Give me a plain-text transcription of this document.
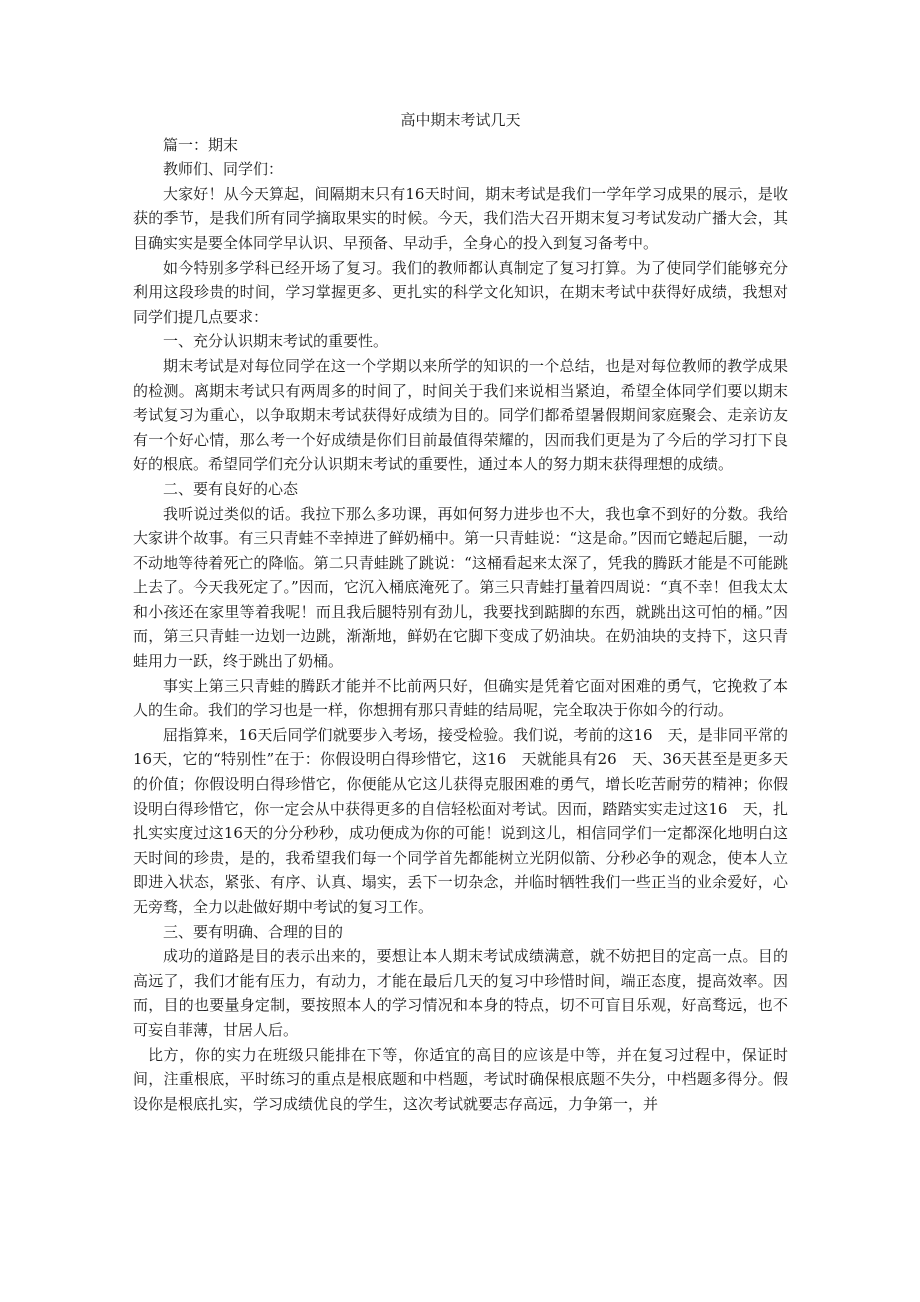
高中期末考试几天

篇一：期末

教师们、同学们：

大家好！从今天算起，间隔期末只有16天时间，期末考试是我们一学年学习成果的展示，是收获的季节，是我们所有同学摘取果实的时候。今天，我们浩大召开期末复习考试发动广播大会，其目确实实是要全体同学早认识、早预备、早动手，全身心的投入到复习备考中。

如今特别多学科已经开场了复习。我们的教师都认真制定了复习打算。为了使同学们能够充分利用这段珍贵的时间，学习掌握更多、更扎实的科学文化知识，在期末考试中获得好成绩，我想对同学们提几点要求：

一、充分认识期末考试的重要性。

期末考试是对每位同学在这一个学期以来所学的知识的一个总结，也是对每位教师的教学成果的检测。离期末考试只有两周多的时间了，时间关于我们来说相当紧迫，希望全体同学们要以期末考试复习为重心，以争取期末考试获得好成绩为目的。同学们都希望暑假期间家庭聚会、走亲访友有一个好心情，那么考一个好成绩是你们目前最值得荣耀的，因而我们更是为了今后的学习打下良好的根底。希望同学们充分认识期末考试的重要性，通过本人的努力期末获得理想的成绩。

二、要有良好的心态

我听说过类似的话。我拉下那么多功课，再如何努力进步也不大，我也拿不到好的分数。我给大家讲个故事。有三只青蛙不幸掉进了鲜奶桶中。第一只青蛙说：“这是命。”因而它蜷起后腿，一动不动地等待着死亡的降临。第二只青蛙跳了跳说：“这桶看起来太深了，凭我的腾跃才能是不可能跳上去了。今天我死定了。”因而，它沉入桶底淹死了。第三只青蛙打量着四周说：“真不幸！但我太太和小孩还在家里等着我呢！而且我后腿特别有劲儿，我要找到踮脚的东西，就跳出这可怕的桶。”因而，第三只青蛙一边划一边跳，渐渐地，鲜奶在它脚下变成了奶油块。在奶油块的支持下，这只青蛙用力一跃，终于跳出了奶桶。

事实上第三只青蛙的腾跃才能并不比前两只好，但确实是凭着它面对困难的勇气，它挽救了本人的生命。我们的学习也是一样，你想拥有那只青蛙的结局呢，完全取决于你如今的行动。

屈指算来，16天后同学们就要步入考场，接受检验。我们说，考前的这16　天，是非同平常的16天，它的“特别性”在于：你假设明白得珍惜它，这16　天就能具有26　天、36天甚至是更多天的价值；你假设明白得珍惜它，你便能从它这儿获得克服困难的勇气，增长吃苦耐劳的精神；你假设明白得珍惜它，你一定会从中获得更多的自信轻松面对考试。因而，踏踏实实走过这16　天，扎扎实实度过这16天的分分秒秒，成功便成为你的可能！说到这儿，相信同学们一定都深化地明白这天时间的珍贵，是的，我希望我们每一个同学首先都能树立光阴似箭、分秒必争的观念，使本人立即进入状态，紧张、有序、认真、塌实，丢下一切杂念，并临时牺牲我们一些正当的业余爱好，心无旁骛，全力以赴做好期中考试的复习工作。

三、要有明确、合理的目的

成功的道路是目的表示出来的，要想让本人期末考试成绩满意，就不妨把目的定高一点。目的高远了，我们才能有压力，有动力，才能在最后几天的复习中珍惜时间，端正态度，提高效率。因而，目的也要量身定制，要按照本人的学习情况和本身的特点，切不可盲目乐观，好高骛远，也不可妄自菲薄，甘居人后。

比方，你的实力在班级只能排在下等，你适宜的高目的应该是中等，并在复习过程中，保证时间，注重根底，平时练习的重点是根底题和中档题，考试时确保根底题不失分，中档题多得分。假设你是根底扎实，学习成绩优良的学生，这次考试就要志存高远，力争第一，并
